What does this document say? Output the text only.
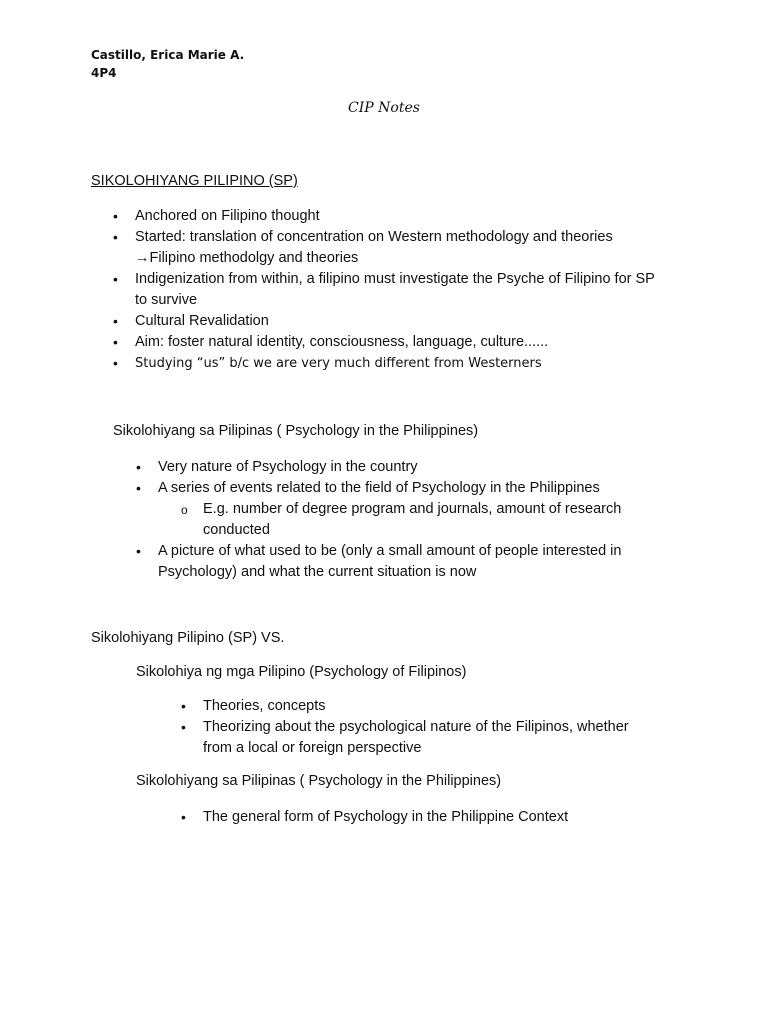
Castillo, Erica Marie A.
4P4
CIP Notes
SIKOLOHIYANG PILIPINO (SP)
• Anchored on Filipino thought
• Started: translation of concentration on Western methodology and theories
→Filipino methodolgy and theories
• Indigenization from within, a filipino must investigate the Psyche of Filipino for SP
to survive
• Cultural Revalidation
• Aim: foster natural identity, consciousness, language, culture......
• Studying “us” b/c we are very much different from Westerners
Sikolohiyang sa Pilipinas ( Psychology in the Philippines)
• Very nature of Psychology in the country
• A series of events related to the field of Psychology in the Philippines
o E.g. number of degree program and journals, amount of research
conducted
• A picture of what used to be (only a small amount of people interested in
Psychology) and what the current situation is now
Sikolohiyang Pilipino (SP) VS.
Sikolohiya ng mga Pilipino (Psychology of Filipinos)
• Theories, concepts
• Theorizing about the psychological nature of the Filipinos, whether
from a local or foreign perspective
Sikolohiyang sa Pilipinas ( Psychology in the Philippines)
• The general form of Psychology in the Philippine Context
